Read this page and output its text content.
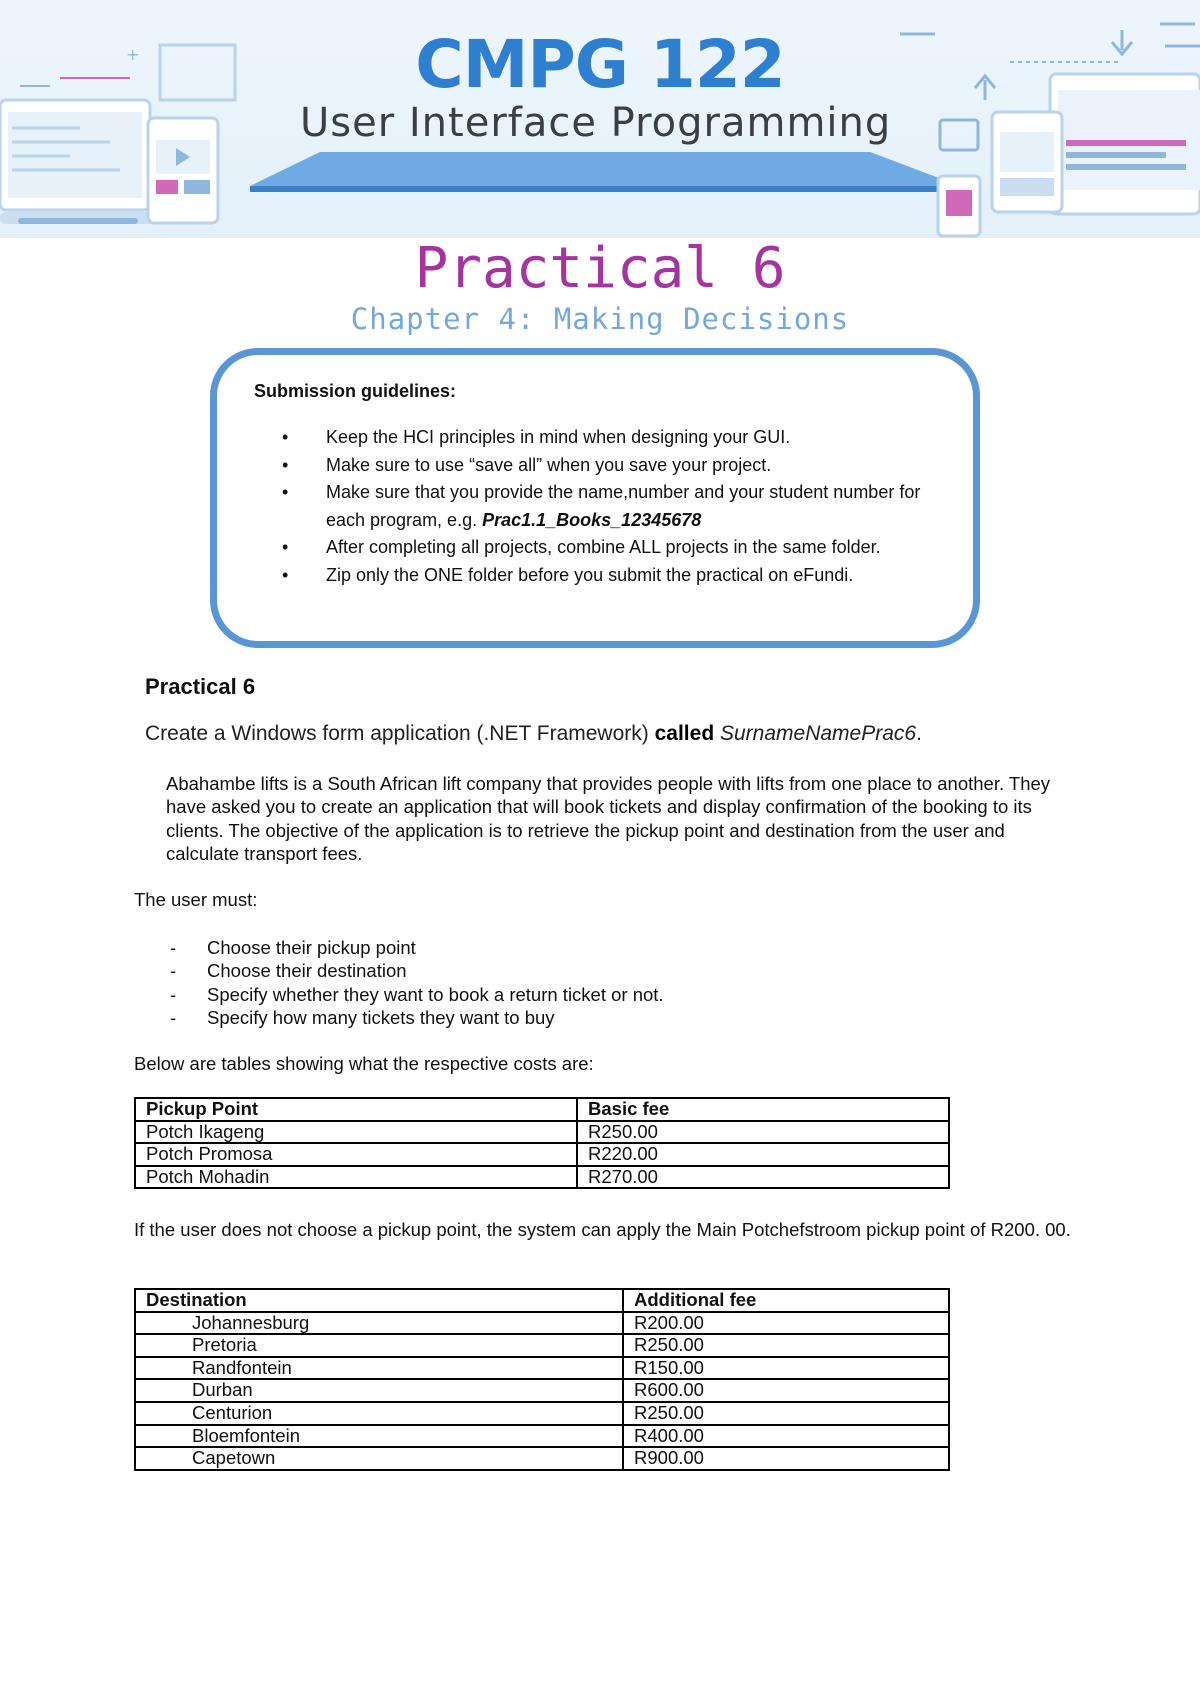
+	CMPG 122
User Interface Programming
Practical 6
Chapter 4: Making Decisions
Submission guidelines:
• Keep the HCI principles in mind when designing your GUI.
• Make sure to use “save all” when you save your project.
• Make sure that you provide the name,number and your student number for each program, e.g. Prac1.1_Books_12345678
• After completing all projects, combine ALL projects in the same folder.
• Zip only the ONE folder before you submit the practical on eFundi.
Practical 6
Create a Windows form application (.NET Framework) called SurnameNamePrac6.
Abahambe lifts is a South African lift company that provides people with lifts from one place to another. They have asked you to create an application that will book tickets and display confirmation of the booking to its clients. The objective of the application is to retrieve the pickup point and destination from the user and calculate transport fees.
The user must:
- Choose their pickup point
- Choose their destination
- Specify whether they want to book a return ticket or not.
- Specify how many tickets they want to buy
Below are tables showing what the respective costs are:
Pickup Point	Basic fee
Potch Ikageng	R250.00
Potch Promosa	R220.00
Potch Mohadin	R270.00
If the user does not choose a pickup point, the system can apply the Main Potchefstroom pickup point of R200. 00.
Destination	Additional fee
Johannesburg	R200.00
Pretoria	R250.00
Randfontein	R150.00
Durban	R600.00
Centurion	R250.00
Bloemfontein	R400.00
Capetown	R900.00
